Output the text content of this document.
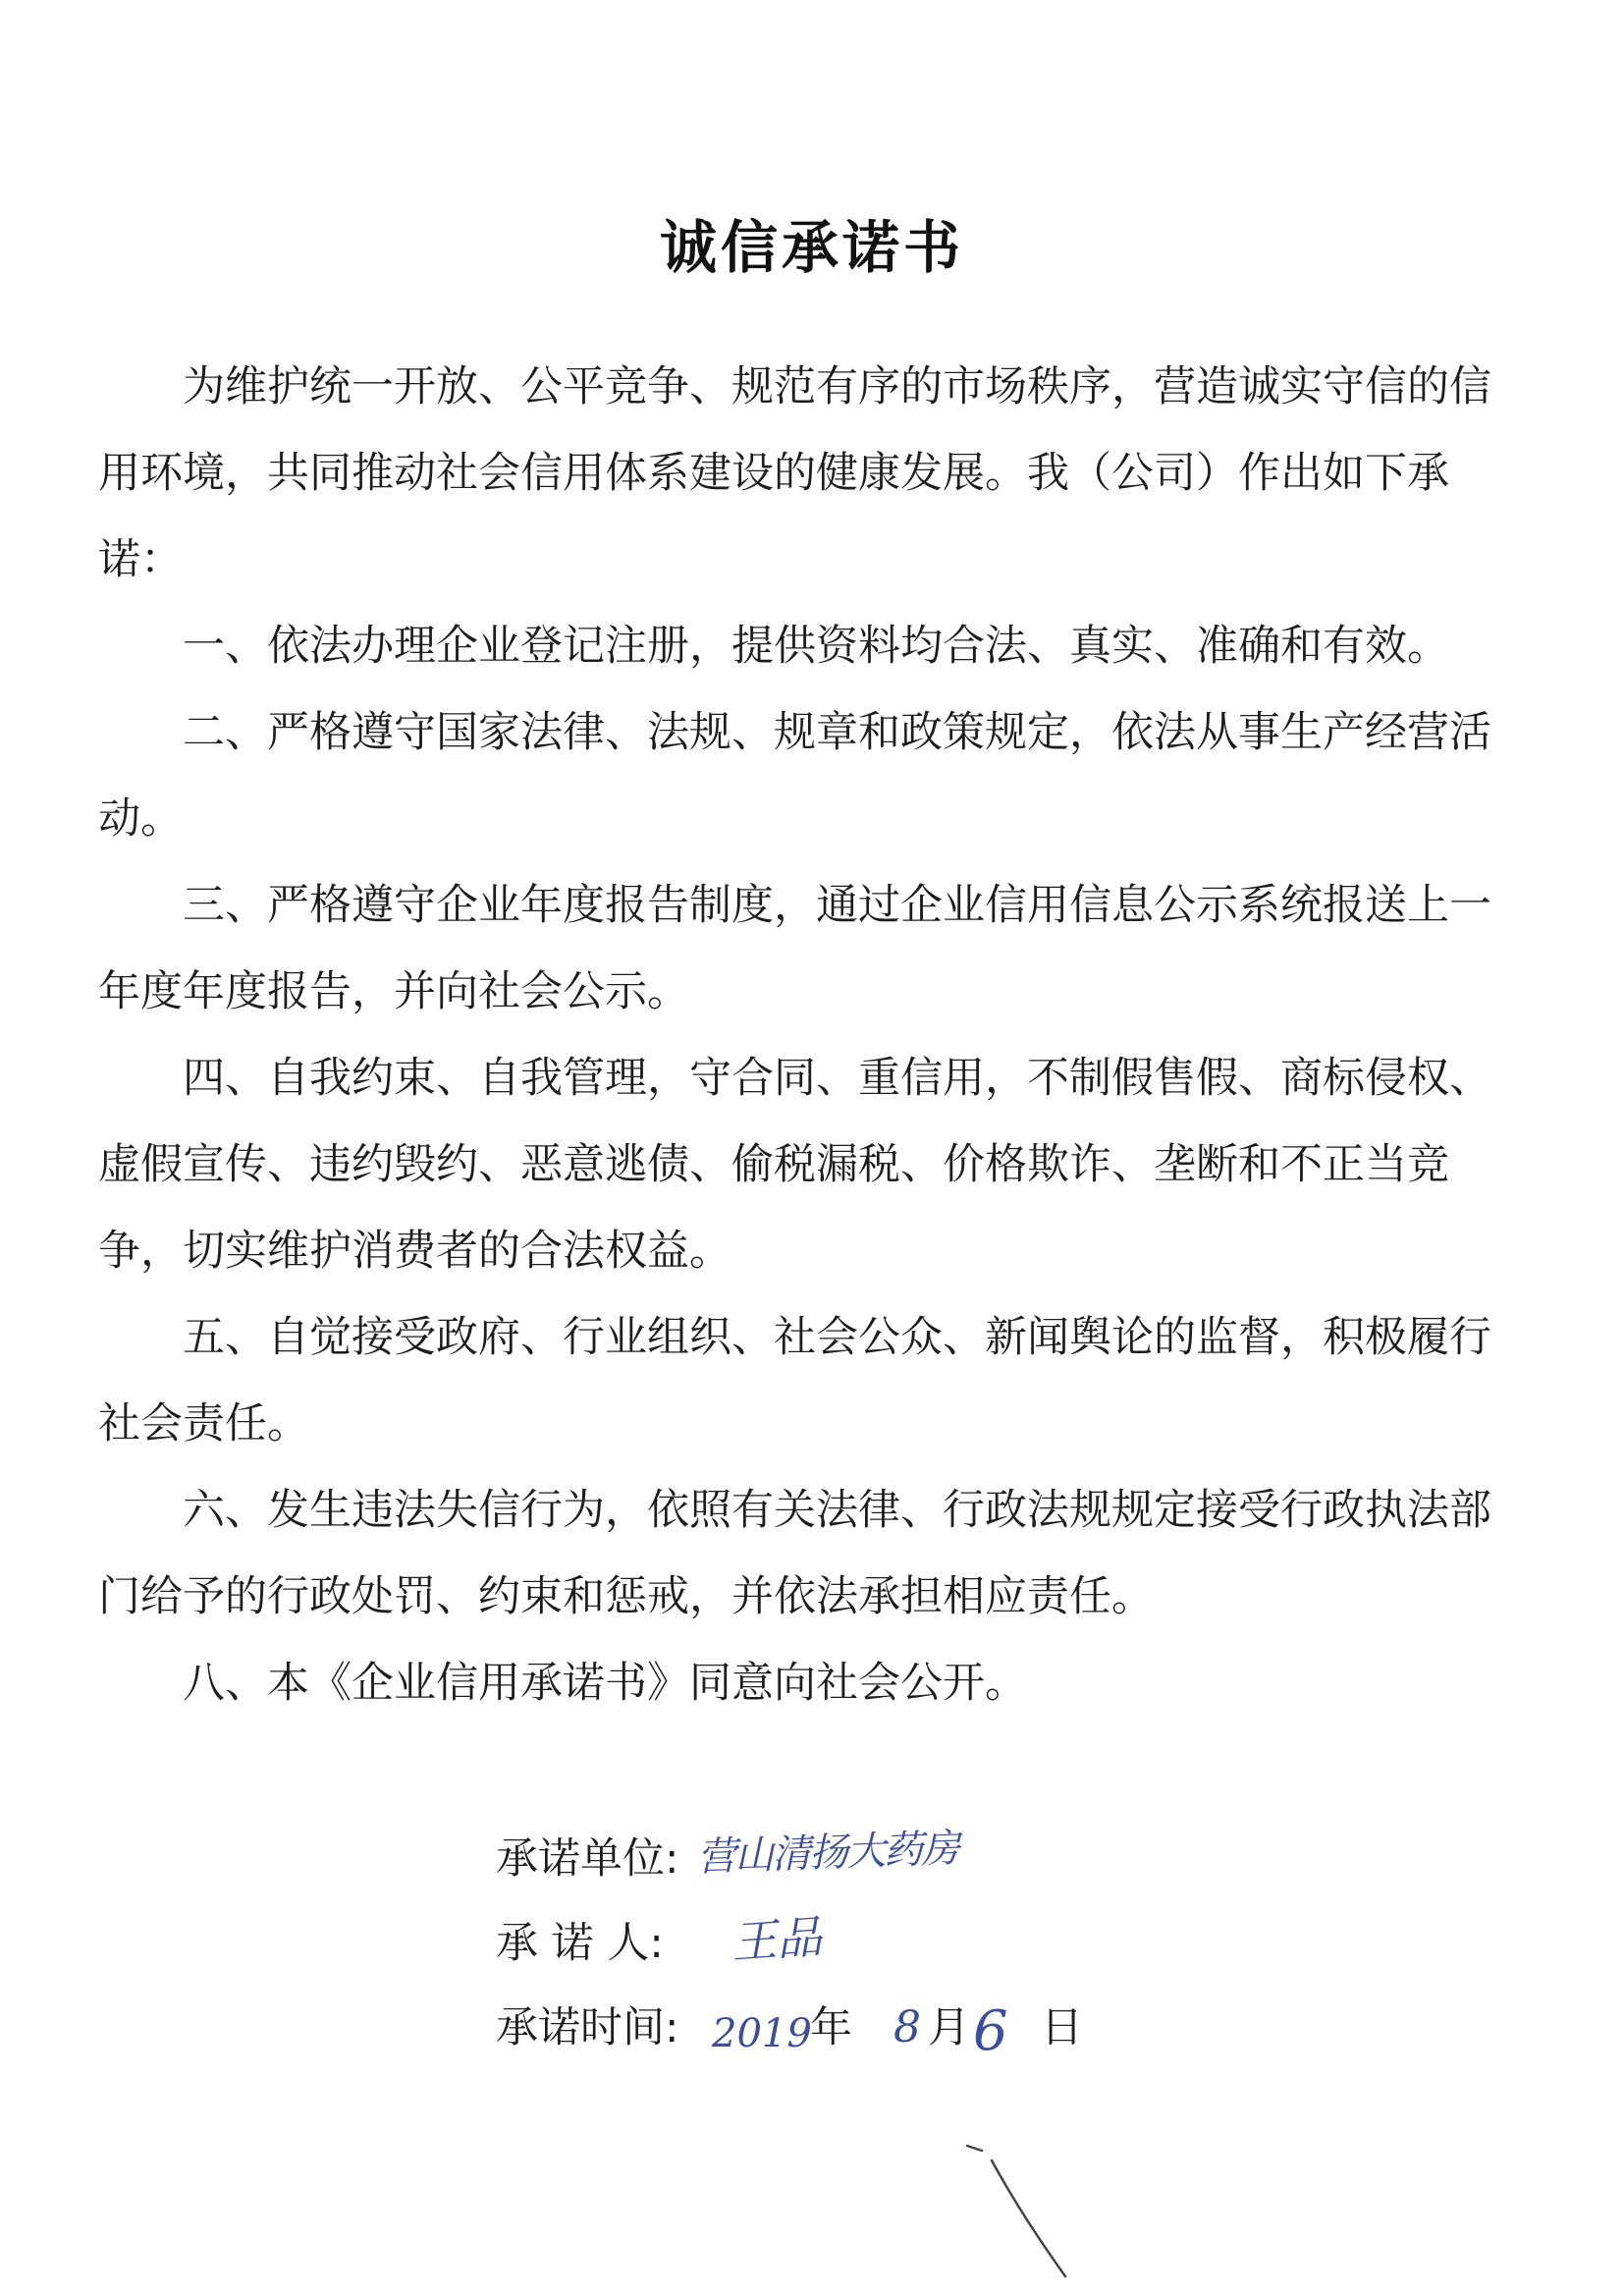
诚信承诺书

为维护统一开放、公平竞争、规范有序的市场秩序，营造诚实守信的信用环境，共同推动社会信用体系建设的健康发展。我（公司）作出如下承诺：

一、依法办理企业登记注册，提供资料均合法、真实、准确和有效。

二、严格遵守国家法律、法规、规章和政策规定，依法从事生产经营活动。

三、严格遵守企业年度报告制度，通过企业信用信息公示系统报送上一年度年度报告，并向社会公示。

四、自我约束、自我管理，守合同、重信用，不制假售假、商标侵权、虚假宣传、违约毁约、恶意逃债、偷税漏税、价格欺诈、垄断和不正当竞争，切实维护消费者的合法权益。

五、自觉接受政府、行业组织、社会公众、新闻舆论的监督，积极履行社会责任。

六、发生违法失信行为，依照有关法律、行政法规规定接受行政执法部门给予的行政处罚、约束和惩戒，并依法承担相应责任。

八、本《企业信用承诺书》同意向社会公开。

承诺单位: 营山清扬大药房
承 诺 人: 王品
承诺时间: 2019
年 8 月 6 日
